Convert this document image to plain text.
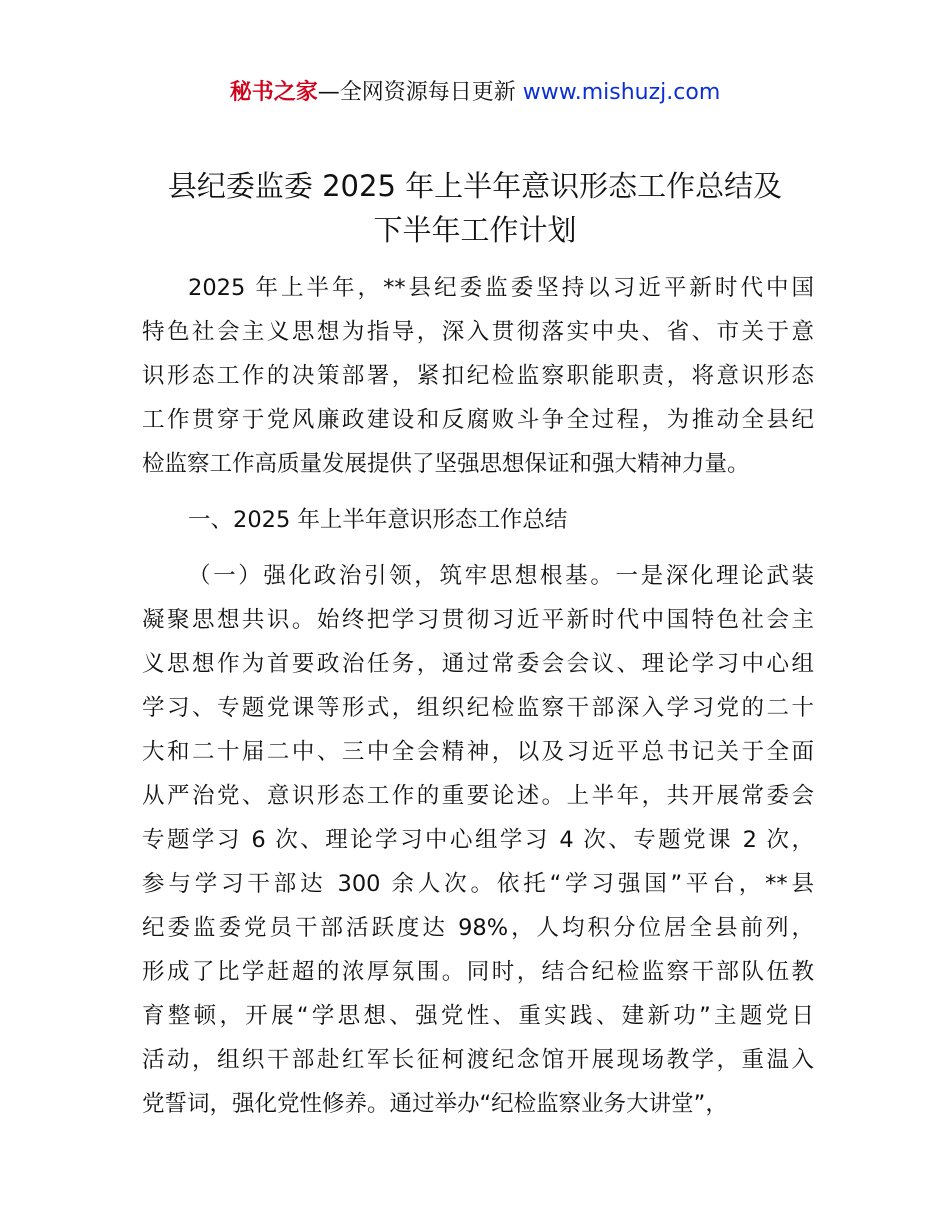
秘书之家—全网资源每日更新 www.mishuzj.com
县纪委监委 2025 年上半年意识形态工作总结及
下半年工作计划
2025 年上半年，**县纪委监委坚持以习近平新时代中国
特色社会主义思想为指导，深入贯彻落实中央、省、市关于意
识形态工作的决策部署，紧扣纪检监察职能职责，将意识形态
工作贯穿于党风廉政建设和反腐败斗争全过程，为推动全县纪
检监察工作高质量发展提供了坚强思想保证和强大精神力量。
一、2025 年上半年意识形态工作总结
（一）强化政治引领，筑牢思想根基。一是深化理论武装
凝聚思想共识。始终把学习贯彻习近平新时代中国特色社会主
义思想作为首要政治任务，通过常委会会议、理论学习中心组
学习、专题党课等形式，组织纪检监察干部深入学习党的二十
大和二十届二中、三中全会精神，以及习近平总书记关于全面
从严治党、意识形态工作的重要论述。上半年，共开展常委会
专题学习 6 次、理论学习中心组学习 4 次、专题党课 2 次，
参与学习干部达 300 余人次。依托“学习强国”平台，**县
纪委监委党员干部活跃度达 98%，人均积分位居全县前列，
形成了比学赶超的浓厚氛围。同时，结合纪检监察干部队伍教
育整顿，开展“学思想、强党性、重实践、建新功”主题党日
活动，组织干部赴红军长征柯渡纪念馆开展现场教学，重温入
党誓词，强化党性修养。通过举办“纪检监察业务大讲堂”，
